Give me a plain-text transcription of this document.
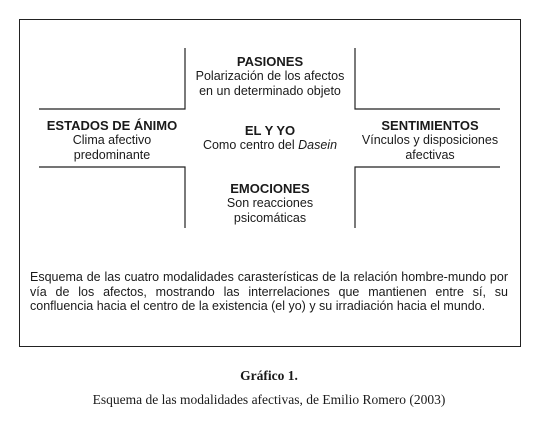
PASIONES
Polarización de los afectos
en un determinado objeto
ESTADOS DE ÁNIMO
Clima afectivo
predominante
EL Y YO
Como centro del Dasein
SENTIMIENTOS
Vínculos y disposiciones
afectivas
EMOCIONES
Son reacciones
psicomáticas
Esquema de las cuatro modalidades carasterísticas de la relación hombre-mundo por vía de los afectos, mostrando las interrelaciones que mantienen entre sí, su confluencia hacia el centro de la existencia (el yo) y su irradiación hacia el mundo.
Gráfico 1.
Esquema de las modalidades afectivas, de Emilio Romero (2003)
